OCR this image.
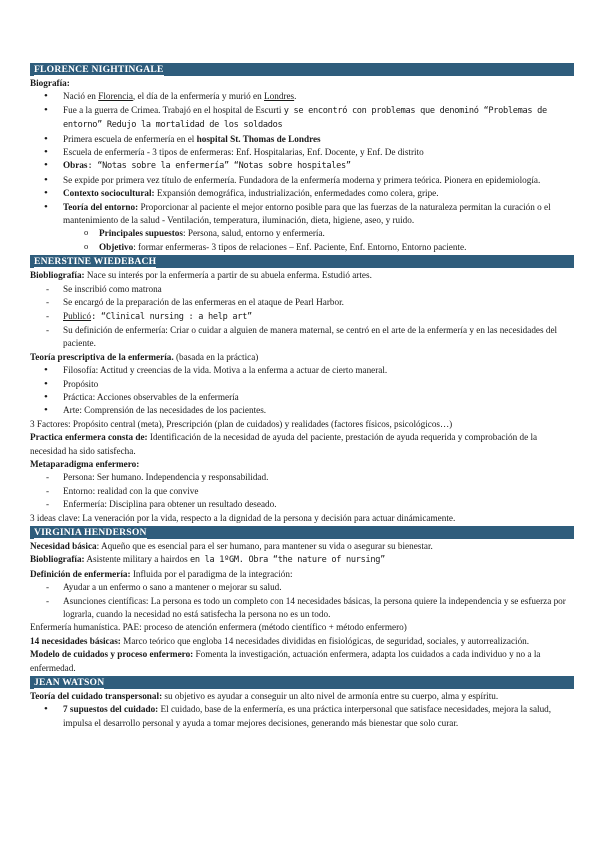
FLORENCE NIGHTINGALE

Biografía:

• Nació en Florencia, el día de la enfermería y murió en Londres.
• Fue a la guerra de Crimea. Trabajó en el hospital de Escurti y se encontró con problemas que denominó “Problemas de entorno” Redujo la mortalidad de los soldados
• Primera escuela de enfermería en el hospital St. Thomas de Londres
• Escuela de enfermería - 3 tipos de enfermeras: Enf. Hospitalarias, Enf. Docente, y Enf. De distrito
• Obras: “Notas sobre la enfermería” “Notas sobre hospitales”
• Se expide por primera vez título de enfermería. Fundadora de la enfermería moderna y primera teórica. Pionera en epidemiología.
• Contexto sociocultural: Expansión demográfica, industrialización, enfermedades como colera, gripe.
• Teoría del entorno: Proporcionar al paciente el mejor entorno posible para que las fuerzas de la naturaleza permitan la curación o el mantenimiento de la salud - Ventilación, temperatura, iluminación, dieta, higiene, aseo, y ruido.
o Principales supuestos: Persona, salud, entorno y enfermería.
o Objetivo: formar enfermeras- 3 tipos de relaciones – Enf. Paciente, Enf. Entorno, Entorno paciente.
ENERSTINE WIEDEBACH

Biobliografía: Nace su interés por la enfermería a partir de su abuela enferma. Estudió artes.

- Se inscribió como matrona
- Se encargó de la preparación de las enfermeras en el ataque de Pearl Harbor.
- Publicó: “Clinical nursing : a help art”
- Su definición de enfermería: Criar o cuidar a alguien de manera maternal, se centró en el arte de la enfermería y en las necesidades del paciente.

Teoría prescriptiva de la enfermería. (basada en la práctica)

• Filosofía: Actitud y creencias de la vida. Motiva a la enferma a actuar de cierto maneral.
• Propósito
• Práctica: Acciones observables de la enfermería
• Arte: Comprensión de las necesidades de los pacientes.

3 Factores: Propósito central (meta), Prescripción (plan de cuidados) y realidades (factores físicos, psicológicos…)

Practica enfermera consta de: Identificación de la necesidad de ayuda del paciente, prestación de ayuda requerida y comprobación de la necesidad ha sido satisfecha.

Metaparadigma enfermero:

- Persona: Ser humano. Independencia y responsabilidad.
- Entorno: realidad con la que convive
- Enfermería: Disciplina para obtener un resultado deseado.

3 ideas clave: La veneración por la vida, respecto a la dignidad de la persona y decisión para actuar dinámicamente.

VIRGINIA HENDERSON

Necesidad básica: Aqueño que es esencial para el ser humano, para mantener su vida o asegurar su bienestar.

Biobliografía: Asistente military a hairdos en la 1ºGM. Obra “the nature of nursing”

Definición de enfermería: Influida por el paradigma de la integración:

- Ayudar a un enfermo o sano a mantener o mejorar su salud.
- Asunciones científicas: La persona es todo un completo con 14 necesidades básicas, la persona quiere la independencia y se esfuerza por lograrla, cuando la necesidad no está satisfecha la persona no es un todo.

Enfermería humanística. PAE: proceso de atención enfermera (método científico + método enfermero)

14 necesidades básicas: Marco teórico que engloba 14 necesidades divididas en fisiológicas, de seguridad, sociales, y autorrealización.

Modelo de cuidados y proceso enfermero: Fomenta la investigación, actuación enfermera, adapta los cuidados a cada individuo y no a la enfermedad.

JEAN WATSON

Teoría del cuidado transpersonal: su objetivo es ayudar a conseguir un alto nivel de armonía entre su cuerpo, alma y espíritu.

• 7 supuestos del cuidado: El cuidado, base de la enfermería, es una práctica interpersonal que satisface necesidades, mejora la salud, impulsa el desarrollo personal y ayuda a tomar mejores decisiones, generando más bienestar que solo curar.
